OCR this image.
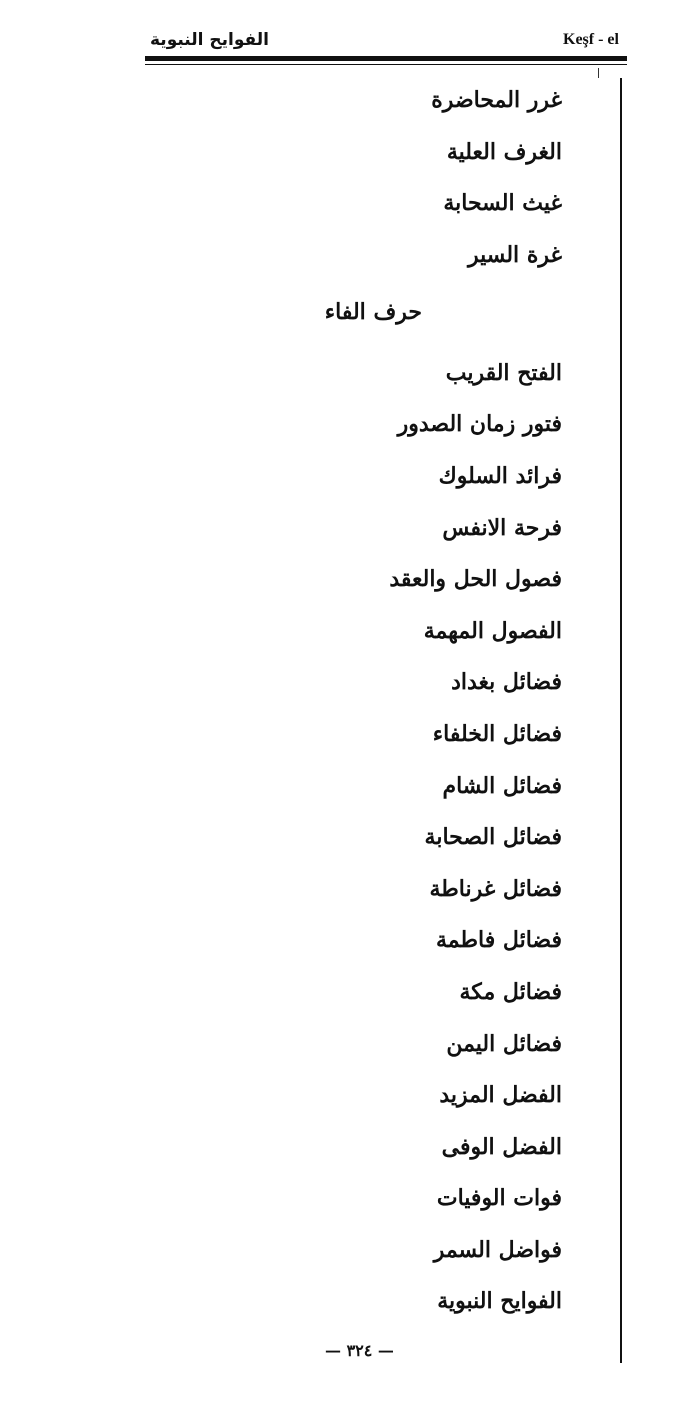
الفوايح النبوية	Keşf - el
غرر المحاضرة
الغرف العلية
غيث السحابة
غرة السير
حرف الفاء
الفتح القريب
فتور زمان الصدور
فرائد السلوك
فرحة الانفس
فصول الحل والعقد
الفصول المهمة
فضائل بغداد
فضائل الخلفاء
فضائل الشام
فضائل الصحابة
فضائل غرناطة
فضائل فاطمة
فضائل مكة
فضائل اليمن
الفضل المزيد
الفضل الوفى
فوات الوفيات
فواضل السمر
الفوايح النبوية
— ٣٢٤ —
